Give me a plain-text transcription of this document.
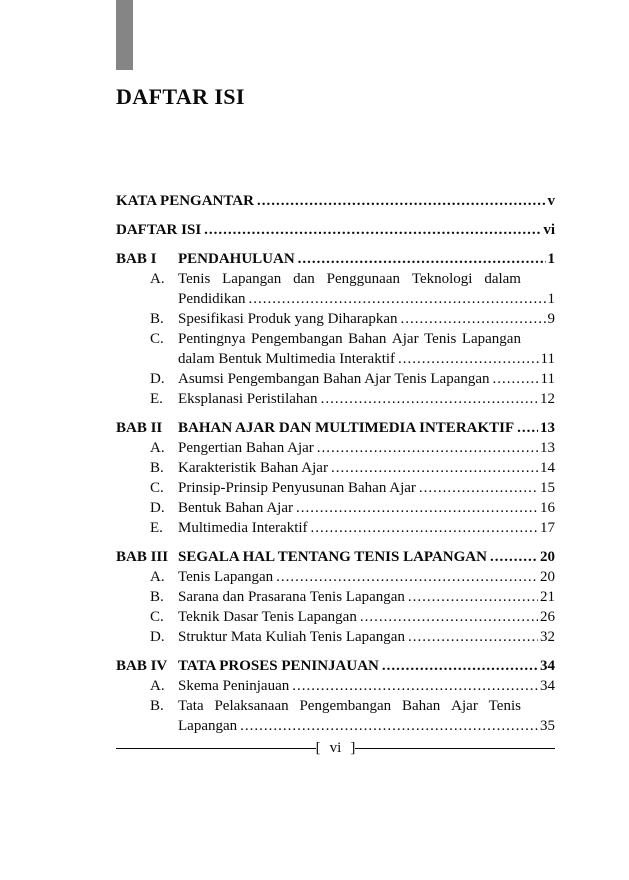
DAFTAR ISI
KATA PENGANTAR .....	v
DAFTAR ISI .....	vi
BAB I	PENDAHULUAN .....	1
A. Tenis Lapangan dan Penggunaan Teknologi dalam
Pendidikan .....	1
B. Spesifikasi Produk yang Diharapkan .....	9
C. Pentingnya Pengembangan Bahan Ajar Tenis Lapangan
dalam Bentuk Multimedia Interaktif .....	11
D. Asumsi Pengembangan Bahan Ajar Tenis Lapangan .....	11
E.	Eksplanasi Peristilahan .....	12
BAB II	BAHAN AJAR DAN MULTIMEDIA INTERAKTIF ..... 13
A. Pengertian Bahan Ajar .....	13
B. Karakteristik Bahan Ajar .....	14
C. Prinsip-Prinsip Penyusunan Bahan Ajar .....	15
D. Bentuk Bahan Ajar .....	16
E.	Multimedia Interaktif .....	17
BAB III SEGALA HAL TENTANG TENIS LAPANGAN .....	20
A. Tenis Lapangan .....	20
B. Sarana dan Prasarana Tenis Lapangan .....	21
C. Teknik Dasar Tenis Lapangan .....	26
D. Struktur Mata Kuliah Tenis Lapangan .....	32
BAB IV TATA PROSES PENINJAUAN .....	34
A. Skema Peninjauan .....	34
B. Tata Pelaksanaan Pengembangan Bahan Ajar Tenis
Lapangan .....	35
[ vi ]
